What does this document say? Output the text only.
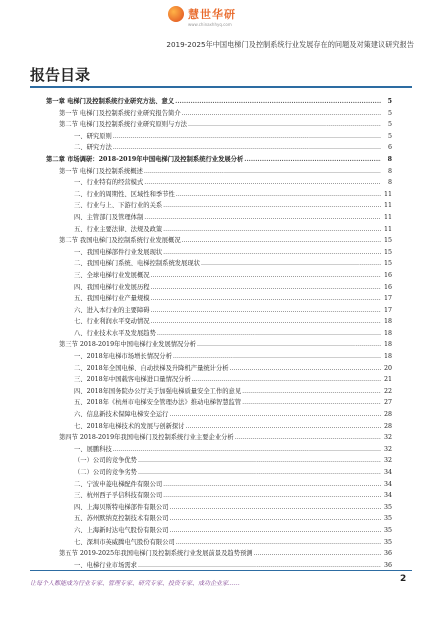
慧世华研
www.chinaxhhyq.com
2019-2025年中国电梯门及控制系统行业发展存在的问题及对策建议研究报告
报告目录
第一章 电梯门及控制系统行业研究方法、意义 .....	5
第一节 电梯门及控制系统行业研究报告简介 .....	5
第二节 电梯门及控制系统行业研究原则与方法 .....	5
一、研究原则 .....	5
二、研究方法 .....	6
第二章 市场调研：2018-2019年中国电梯门及控制系统行业发展分析 .....	8
第一节 电梯门及控制系统概述 .....	8
一、行业特有的经营模式 .....	8
二、行业的周期性、区域性和季节性 .....	11
三、行业与上、下游行业的关系 .....	11
四、主管部门及管理体制 .....	11
五、行业主要法律、法规及政策 .....	11
第二节 我国电梯门及控制系统行业发展概况 .....	15
一、我国电梯部件行业发展现状 .....	15
二、我国电梯门系统、电梯控制系统发展现状 .....	15
三、全球电梯行业发展概况 .....	16
四、我国电梯行业发展历程 .....	16
五、我国电梯行业产量规模 .....	17
六、进入本行业的主要障碍 .....	17
七、行业利润水平变动情况 .....	18
八、行业技术水平及发展趋势 .....	18
第三节 2018-2019年中国电梯行业发展情况分析 .....	18
一、2018年电梯市场增长情况分析 .....	18
二、2018年全国电梯、自动扶梯及升降机产量统计分析 .....	20
三、2018年中国载客电梯进口量情况分析 .....	21
四、2018年国务院办公厅关于加强电梯质量安全工作的意见 .....	22
五、2018年《杭州市电梯安全管理办法》推动电梯智慧监管 .....	27
六、信息新技术保障电梯安全运行 .....	28
七、2018年电梯技术的发展与创新探讨 .....	28
第四节 2018-2019年我国电梯门及控制系统行业主要企业分析 .....	32
一、展鹏科技 .....	32
（一）公司的竞争优势 .....	32
（二）公司的竞争劣势 .....	34
二、宁波申菱电梯配件有限公司 .....	34
三、杭州西子孚信科技有限公司 .....	34
四、上海贝斯特电梯部件有限公司 .....	35
五、苏州默纳克控制技术有限公司 .....	35
六、上海新时达电气股份有限公司 .....	35
七、深圳市英威腾电气股份有限公司 .....	35
第五节 2019-2025年我国电梯门及控制系统行业发展前景及趋势预测 .....	36
一、电梯行业市场需求 .....	36
让每个人都能成为行业专家、管理专家、研究专家、投资专家、成功企业家……	2
